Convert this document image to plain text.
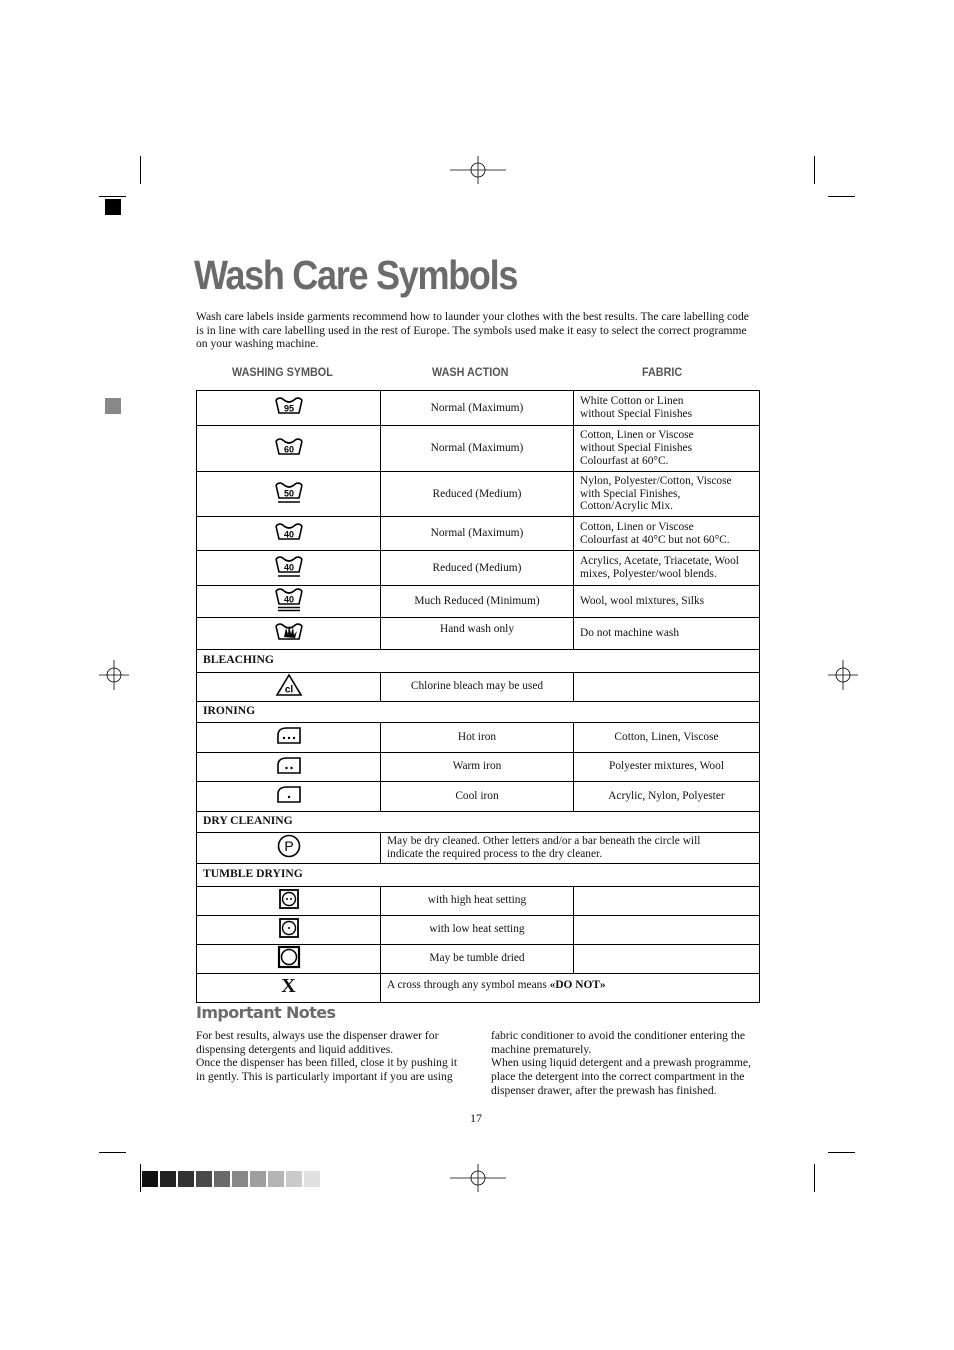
Wash Care Symbols

Wash care labels inside garments recommend how to launder your clothes with the best results. The care labelling code is in line with care labelling used in the rest of Europe. The symbols used make it easy to select the correct programme on your washing machine.

WASHING SYMBOL	WASH ACTION	FABRIC
95	Normal (Maximum)	White Cotton or Linen
without Special Finishes

60	Normal (Maximum)	Cotton, Linen or Viscose
without Special Finishes
Colourfast at 60°C.

50	Reduced (Medium)	Nylon, Polyester/Cotton, Viscose
with Special Finishes,
Cotton/Acrylic Mix.

40	Normal (Maximum)	Cotton, Linen or Viscose
Colourfast at 40°C but not 60°C.

40	Reduced (Medium)	Acrylics, Acetate, Triacetate, Wool
mixes, Polyester/wool blends.

40	Much Reduced (Minimum)	Wool, wool mixtures, Silks
	Hand wash only	Do not machine wash
BLEACHING		

cl	Chlorine bleach may be used	
IRONING		
	Hot iron	Cotton, Linen, Viscose
	Warm iron	Polyester mixtures, Wool
	Cool iron	Acrylic, Nylon, Polyester
DRY CLEANING		

P	May be dry cleaned. Other letters and/or a bar beneath the circle will
indicate the required process to the dry cleaner.	
TUMBLE DRYING		
	with high heat setting	
	with low heat setting	
	May be tumble dried	
X	A cross through any symbol means «DO NOT»	
Important Notes

For best results, always use the dispenser drawer for
dispensing detergents and liquid additives.
Once the dispenser has been filled, close it by pushing it
in gently. This is particularly important if you are using

fabric conditioner to avoid the conditioner entering the
machine prematurely.
When using liquid detergent and a prewash programme,
place the detergent into the correct compartment in the
dispenser drawer, after the prewash has finished.

17
